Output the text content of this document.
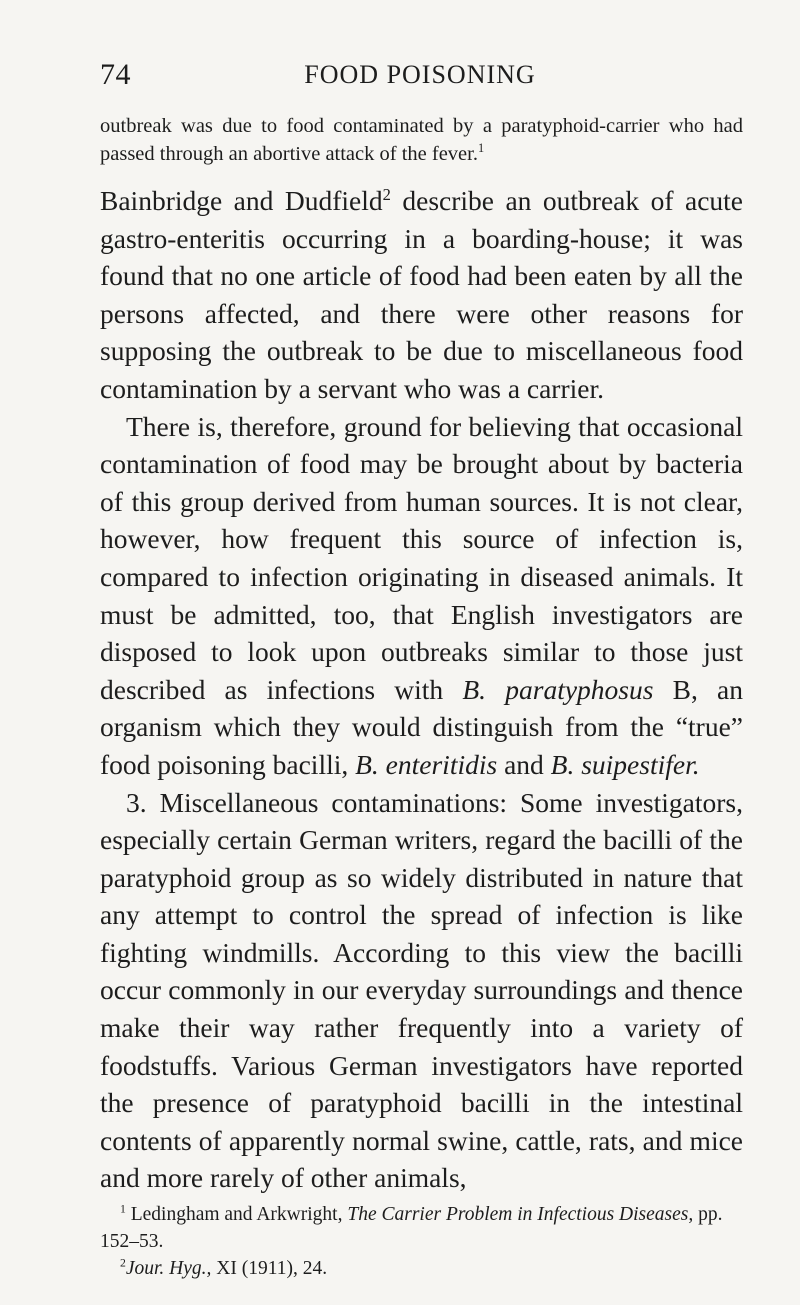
74	FOOD POISONING

outbreak was due to food contaminated by a paratyphoid-carrier who had passed through an abortive attack of the fever.$^1$

Bainbridge and Dudfield$^2$ describe an outbreak of acute gastro-enteritis occurring in a boarding-house; it was found that no one article of food had been eaten by all the persons affected, and there were other reasons for supposing the outbreak to be due to miscellaneous food contamination by a servant who was a carrier.

There is, therefore, ground for believing that occasional contamination of food may be brought about by bacteria of this group derived from human sources. It is not clear, however, how frequent this source of infection is, compared to infection originating in diseased animals. It must be admitted, too, that English investigators are disposed to look upon outbreaks similar to those just described as infections with B. paratyphosus B, an organism which they would distinguish from the “true” food poisoning bacilli, B. enteritidis and B. suipestifer.

3. Miscellaneous contaminations: Some investigators, especially certain German writers, regard the bacilli of the paratyphoid group as so widely distributed in nature that any attempt to control the spread of infection is like fighting windmills. According to this view the bacilli occur commonly in our everyday surroundings and thence make their way rather frequently into a variety of foodstuffs. Various German investigators have reported the presence of paratyphoid bacilli in the intestinal contents of apparently normal swine, cattle, rats, and mice and more rarely of other animals,

$^1$ Ledingham and Arkwright, The Carrier Problem in Infectious Diseases, pp. 152–53.

$^2$Jour. Hyg., XI (1911), 24.
